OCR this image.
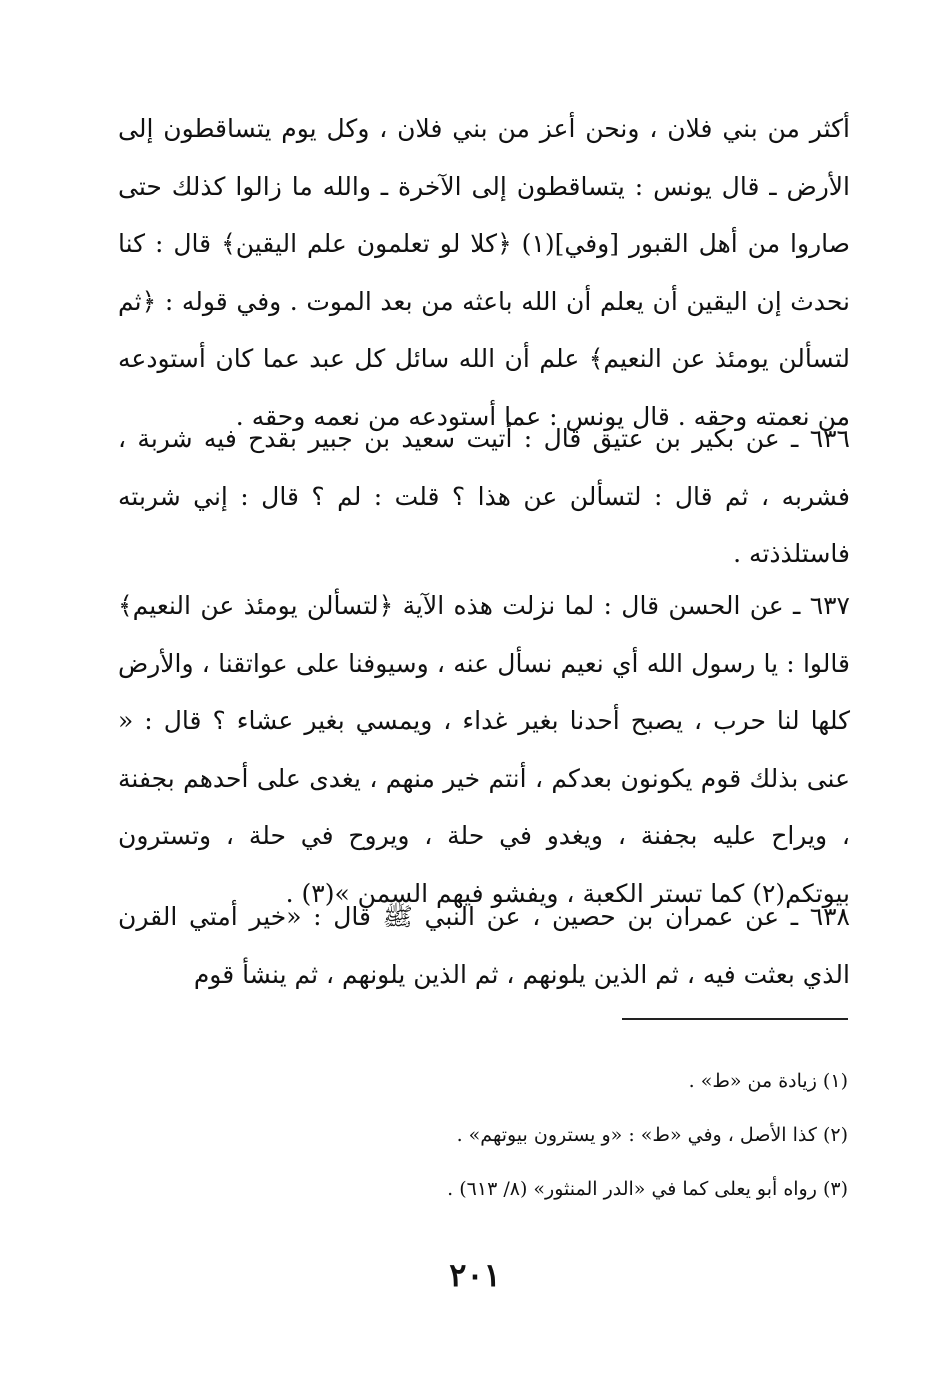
أكثر من بني فلان ، ونحن أعز من بني فلان ، وكل يوم يتساقطون إلى الأرض ـ قال يونس : يتساقطون إلى الآخرة ـ والله ما زالوا كذلك حتى صاروا من أهل القبور [وفي](١) ﴿كلا لو تعلمون علم اليقين﴾ قال : كنا نحدث إن اليقين أن يعلم أن الله باعثه من بعد الموت . وفي قوله : ﴿ثم لتسألن يومئذ عن النعيم﴾ علم أن الله سائل كل عبد عما كان أستودعه من نعمته وحقه . قال يونس : عما أستودعه من نعمه وحقه .

٦٣٦ ـ عن بكير بن عتيق قال : أتيت سعيد بن جبير بقدح فيه شربة ، فشربه ، ثم قال : لتسألن عن هذا ؟ قلت : لم ؟ قال : إني شربته فاستلذذته .

٦٣٧ ـ عن الحسن قال : لما نزلت هذه الآية ﴿لتسألن يومئذ عن النعيم﴾ قالوا : يا رسول الله أي نعيم نسأل عنه ، وسيوفنا على عواتقنا ، والأرض كلها لنا حرب ، يصبح أحدنا بغير غداء ، ويمسي بغير عشاء ؟ قال : « عنى بذلك قوم يكونون بعدكم ، أنتم خير منهم ، يغدى على أحدهم بجفنة ، ويراح عليه بجفنة ، ويغدو في حلة ، ويروح في حلة ، وتسترون بيوتكم(٢) كما تستر الكعبة ، ويفشو فيهم السمن »(٣) .

٦٣٨ ـ عن عمران بن حصين ، عن النبي ﷺ قال : «خير أمتي القرن الذي بعثت فيه ، ثم الذين يلونهم ، ثم الذين يلونهم ، ثم ينشأ قوم

(١) زيادة من «ط» .

(٢) كذا الأصل ، وفي «ط» : «و يسترون بيوتهم» .

(٣) رواه أبو يعلى كما في «الدر المنثور» (٨/ ٦١٣) .

٢٠١
